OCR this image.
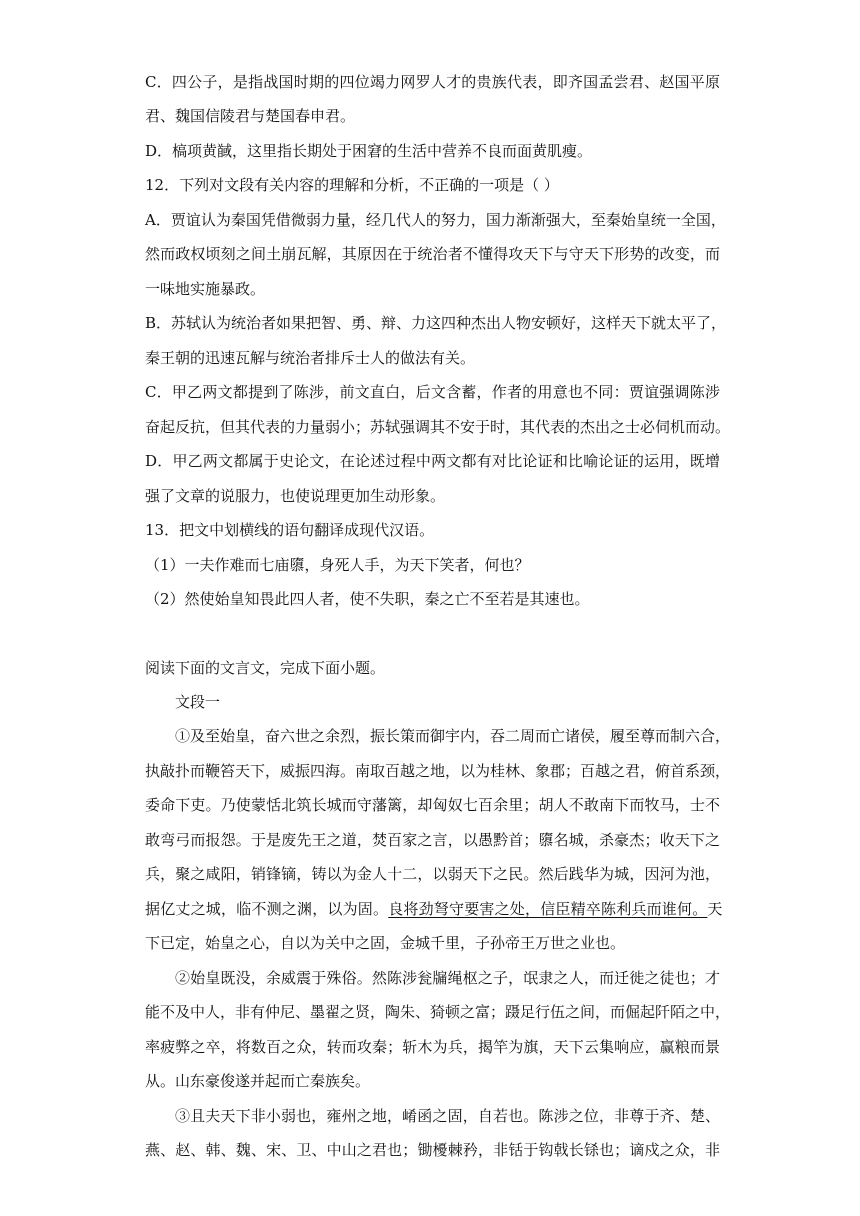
C．四公子，是指战国时期的四位竭力网罗人才的贵族代表，即齐国孟尝君、赵国平原
君、魏国信陵君与楚国春申君。
D．槁项黄馘，这里指长期处于困窘的生活中营养不良而面黄肌瘦。
12．下列对文段有关内容的理解和分析，不正确的一项是（ ）
A．贾谊认为秦国凭借微弱力量，经几代人的努力，国力渐渐强大，至秦始皇统一全国，
然而政权顷刻之间土崩瓦解，其原因在于统治者不懂得攻天下与守天下形势的改变，而
一味地实施暴政。
B．苏轼认为统治者如果把智、勇、辩、力这四种杰出人物安顿好，这样天下就太平了，
秦王朝的迅速瓦解与统治者排斥士人的做法有关。
C．甲乙两文都提到了陈涉，前文直白，后文含蓄，作者的用意也不同：贾谊强调陈涉
奋起反抗，但其代表的力量弱小；苏轼强调其不安于时，其代表的杰出之士必伺机而动。
D．甲乙两文都属于史论文，在论述过程中两文都有对比论证和比喻论证的运用，既增
强了文章的说服力，也使说理更加生动形象。
13．把文中划横线的语句翻译成现代汉语。
（1）一夫作难而七庙隳，身死人手，为天下笑者，何也？
（2）然使始皇知畏此四人者，使不失职，秦之亡不至若是其速也。
阅读下面的文言文，完成下面小题。
文段一
①及至始皇，奋六世之余烈，振长策而御宇内，吞二周而亡诸侯，履至尊而制六合，
执敲扑而鞭笞天下，威振四海。南取百越之地，以为桂林、象郡；百越之君，俯首系颈，
委命下吏。乃使蒙恬北筑长城而守藩篱，却匈奴七百余里；胡人不敢南下而牧马，士不
敢弯弓而报怨。于是废先王之道，焚百家之言，以愚黔首；隳名城，杀豪杰；收天下之
兵，聚之咸阳，销锋镝，铸以为金人十二，以弱天下之民。然后践华为城，因河为池，
据亿丈之城，临不测之渊，以为固。良将劲弩守要害之处，信臣精卒陈利兵而谁何。天
下已定，始皇之心，自以为关中之固，金城千里，子孙帝王万世之业也。
②始皇既没，余威震于殊俗。然陈涉瓮牖绳枢之子，氓隶之人，而迁徙之徒也；才
能不及中人，非有仲尼、墨翟之贤，陶朱、猗顿之富；蹑足行伍之间，而倔起阡陌之中，
率疲弊之卒，将数百之众，转而攻秦；斩木为兵，揭竿为旗，天下云集响应，赢粮而景
从。山东豪俊遂并起而亡秦族矣。
③且夫天下非小弱也，雍州之地，崤函之固，自若也。陈涉之位，非尊于齐、楚、
燕、赵、韩、魏、宋、卫、中山之君也；锄櫌棘矜，非铦于钩戟长铩也；谪戍之众，非
